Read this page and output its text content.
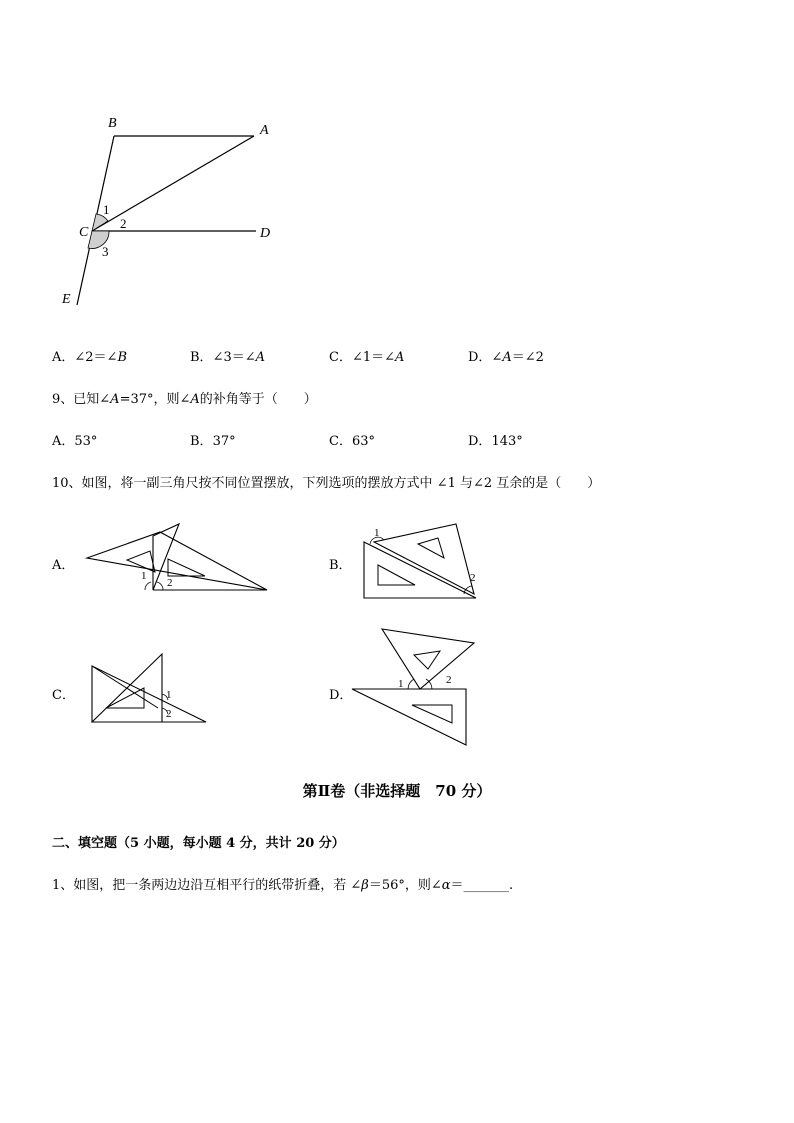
B	A
C	D
E
1
2
3
A．∠2＝∠B	B．∠3＝∠A	C．∠1＝∠A	D．∠A＝∠2
9、已知∠A=37°，则∠A的补角等于（　　）
A．53°	B．37°	C．63°	D．143°
10、如图，将一副三角尺按不同位置摆放，下列选项的摆放方式中 ∠1 与∠2 互余的是（　　）
A．
1
2
B．
1
2
C．	1
2
D．
1	2
第Ⅱ卷（非选择题　70 分）
二、填空题（5 小题，每小题 4 分，共计 20 分）
1、如图，把一条两边边沿互相平行的纸带折叠，若 ∠β＝56°，则∠α＝_______.
